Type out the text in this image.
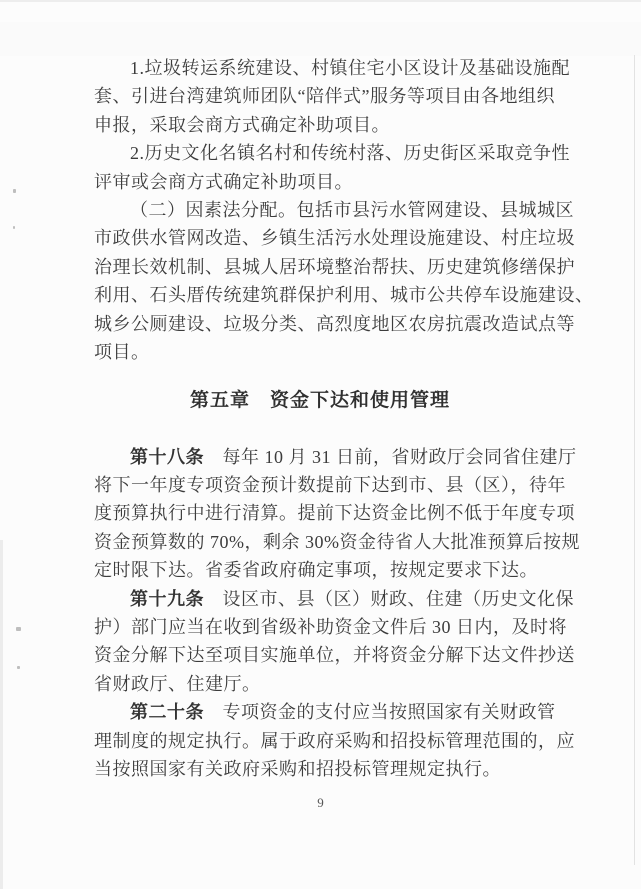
1.垃圾转运系统建设、村镇住宅小区设计及基础设施配
套、引进台湾建筑师团队“陪伴式”服务等项目由各地组织
申报，采取会商方式确定补助项目。
2.历史文化名镇名村和传统村落、历史街区采取竞争性
评审或会商方式确定补助项目。
（二）因素法分配。包括市县污水管网建设、县城城区
市政供水管网改造、乡镇生活污水处理设施建设、村庄垃圾
治理长效机制、县城人居环境整治帮扶、历史建筑修缮保护
利用、石头厝传统建筑群保护利用、城市公共停车设施建设、
城乡公厕建设、垃圾分类、高烈度地区农房抗震改造试点等
项目。
第五章　资金下达和使用管理
第十八条　每年 10 月 31 日前，省财政厅会同省住建厅
将下一年度专项资金预计数提前下达到市、县（区），待年
度预算执行中进行清算。提前下达资金比例不低于年度专项
资金预算数的 70%，剩余 30%资金待省人大批准预算后按规
定时限下达。省委省政府确定事项，按规定要求下达。
第十九条　设区市、县（区）财政、住建（历史文化保
护）部门应当在收到省级补助资金文件后 30 日内，及时将
资金分解下达至项目实施单位，并将资金分解下达文件抄送
省财政厅、住建厅。
第二十条　专项资金的支付应当按照国家有关财政管
理制度的规定执行。属于政府采购和招投标管理范围的，应
当按照国家有关政府采购和招投标管理规定执行。
9
